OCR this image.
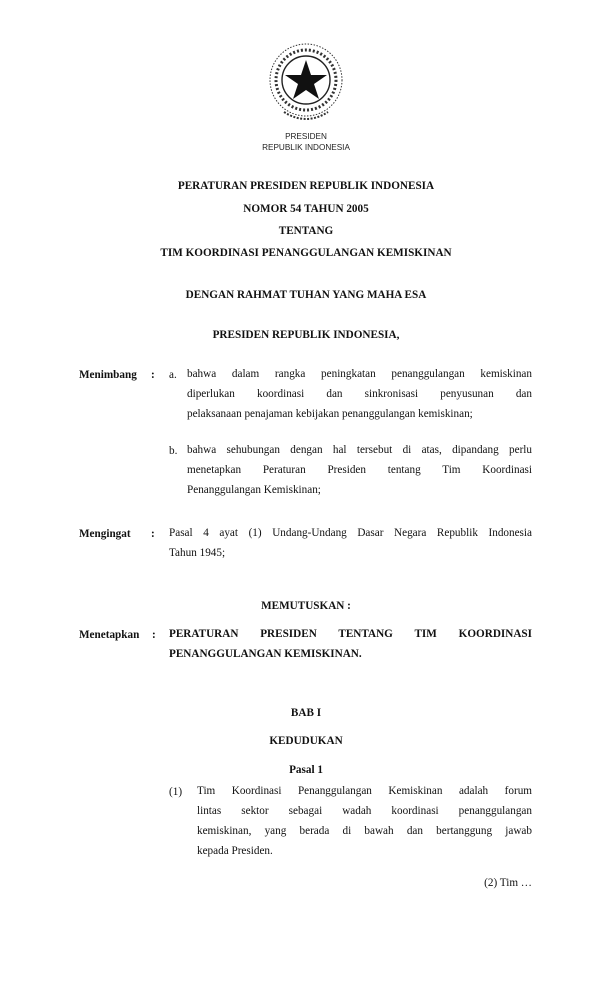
PRESIDEN
REPUBLIK INDONESIA
PERATURAN PRESIDEN REPUBLIK INDONESIA
NOMOR 54 TAHUN 2005
TENTANG
TIM KOORDINASI PENANGGULANGAN KEMISKINAN
DENGAN RAHMAT TUHAN YANG MAHA ESA
PRESIDEN REPUBLIK INDONESIA,
Menimbang : a. bahwa dalam rangka peningkatan penanggulangan kemiskinan
diperlukan koordinasi dan sinkronisasi penyusunan dan
pelaksanaan penajaman kebijakan penanggulangan kemiskinan;
b. bahwa sehubungan dengan hal tersebut di atas, dipandang perlu
menetapkan Peraturan Presiden tentang Tim Koordinasi
Penanggulangan Kemiskinan;
Mengingat : Pasal 4 ayat (1) Undang-Undang Dasar Negara Republik Indonesia
Tahun 1945;
MEMUTUSKAN :
Menetapkan : PERATURAN PRESIDEN TENTANG TIM KOORDINASI
PENANGGULANGAN KEMISKINAN.
BAB I
KEDUDUKAN
Pasal 1
(1) Tim Koordinasi Penanggulangan Kemiskinan adalah forum
lintas sektor sebagai wadah koordinasi penanggulangan
kemiskinan, yang berada di bawah dan bertanggung jawab
kepada Presiden.
(2) Tim …
